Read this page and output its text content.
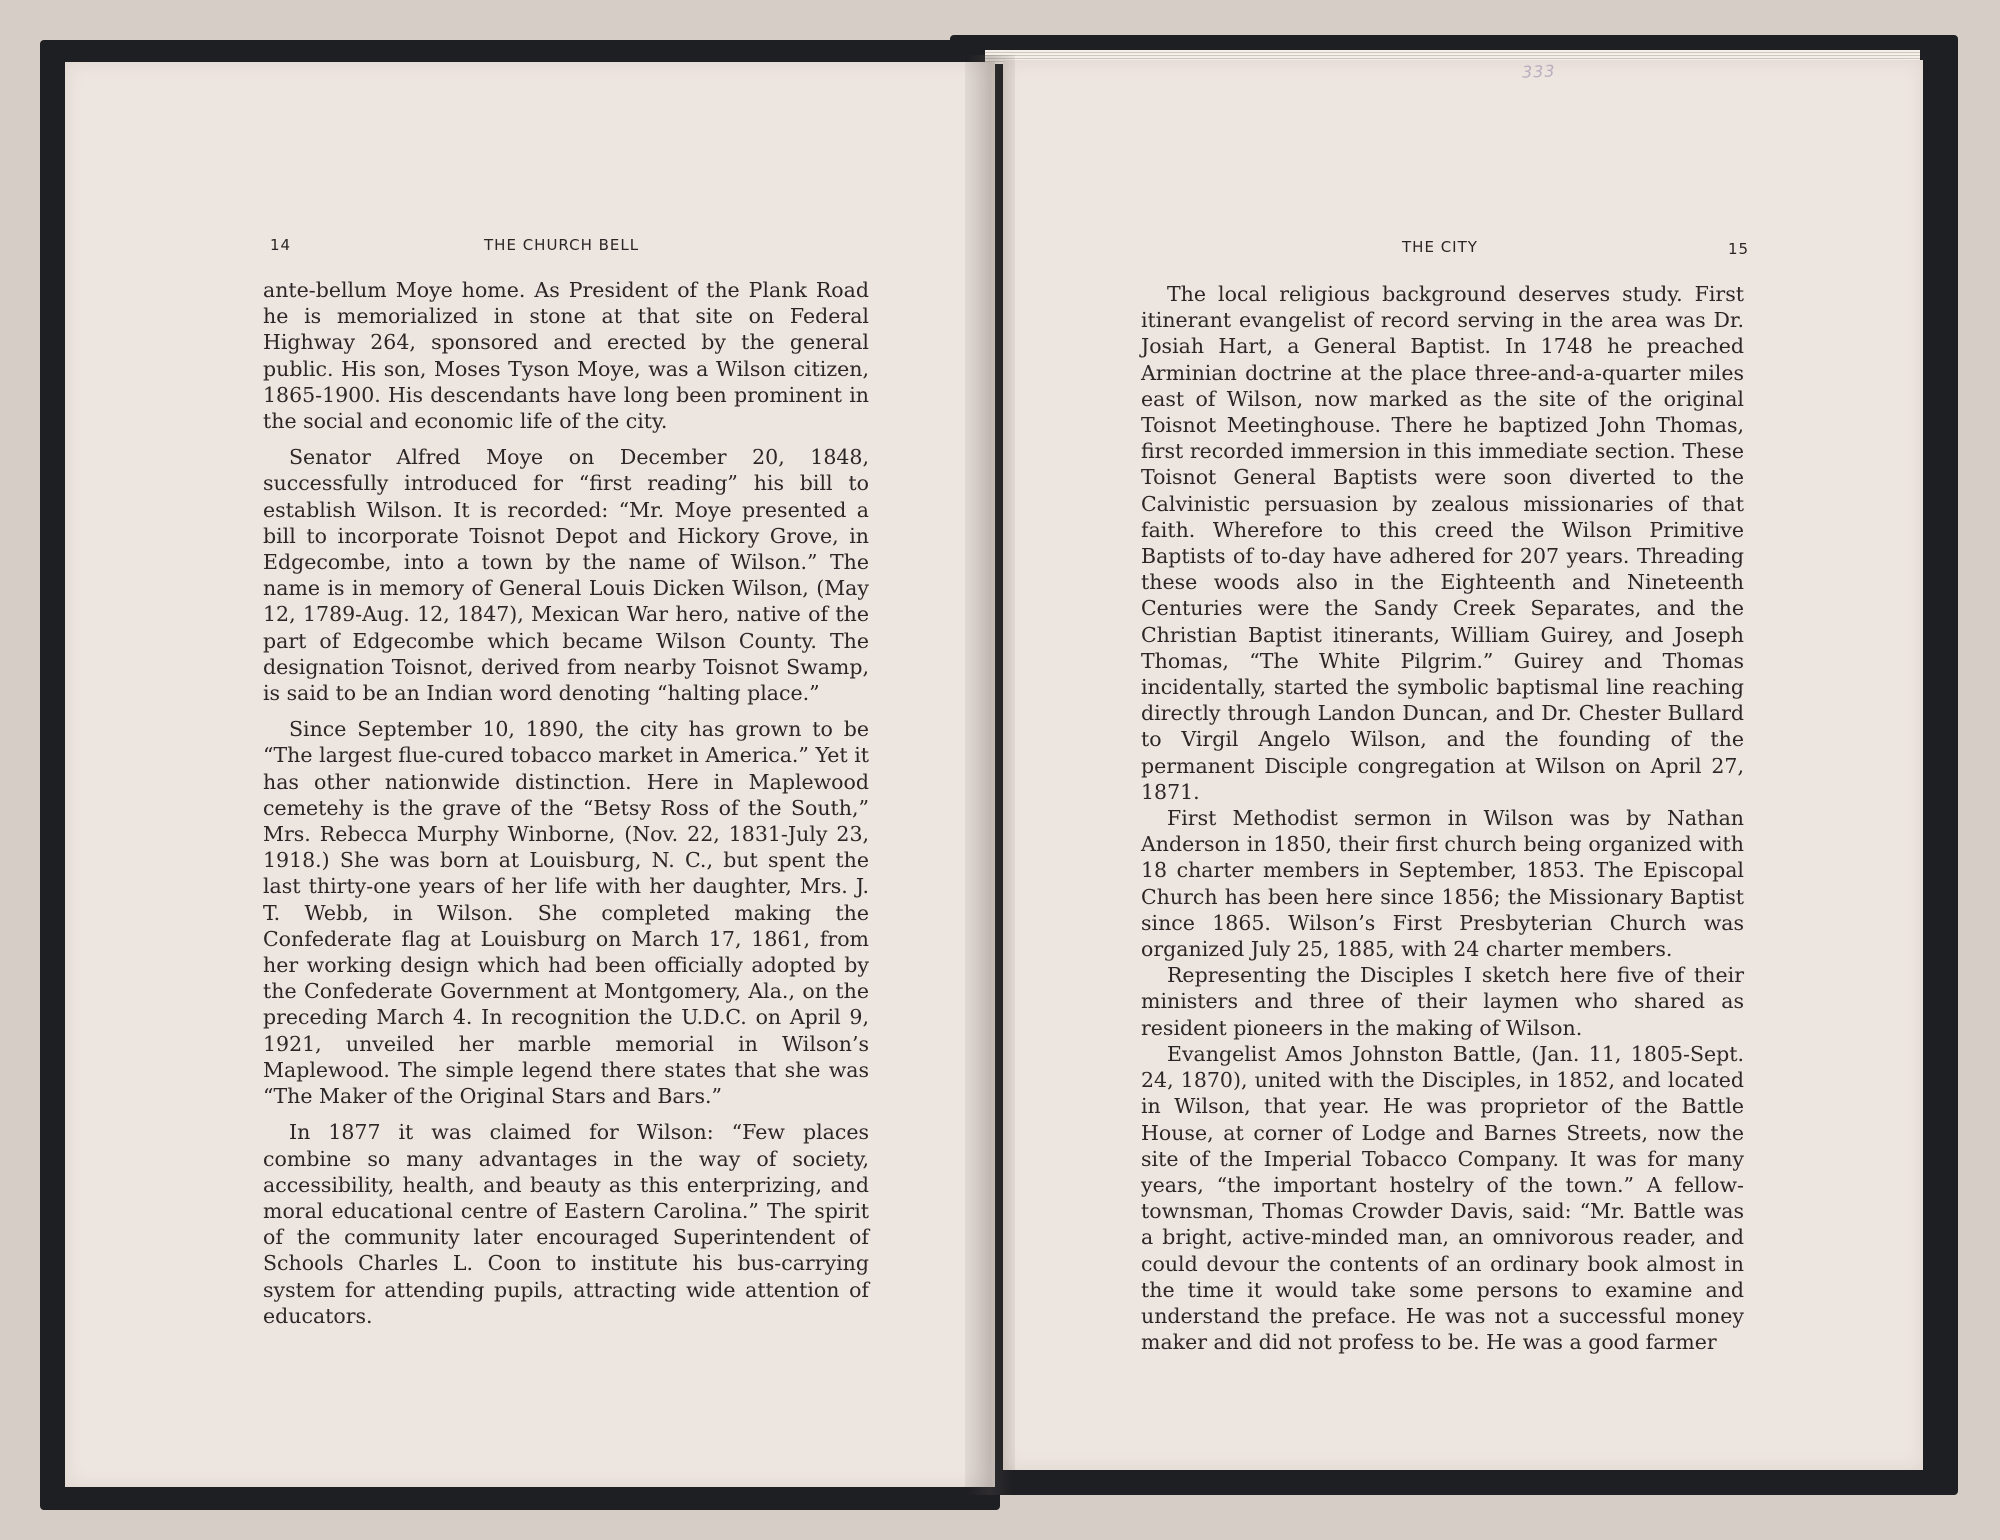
333
14	THE CHURCH BELL

ante-bellum Moye home. As President of the Plank Road he is memorialized in stone at that site on Federal Highway 264, sponsored and erected by the general public. His son, Moses Tyson Moye, was a Wilson citizen, 1865-1900. His descendants have long been prominent in the social and economic life of the city.

Senator Alfred Moye on December 20, 1848, successfully introduced for “first reading” his bill to establish Wilson. It is recorded: “Mr. Moye presented a bill to incorporate Toisnot Depot and Hickory Grove, in Edgecombe, into a town by the name of Wilson.” The name is in memory of General Louis Dicken Wilson, (May 12, 1789-Aug. 12, 1847), Mexican War hero, native of the part of Edgecombe which became Wilson County. The designation Toisnot, derived from nearby Toisnot Swamp, is said to be an Indian word denoting “halting place.”

Since September 10, 1890, the city has grown to be “The largest flue-cured tobacco market in America.” Yet it has other nationwide distinction. Here in Maplewood cemetehy is the grave of the “Betsy Ross of the South,” Mrs. Rebecca Murphy Winborne, (Nov. 22, 1831-July 23, 1918.) She was born at Louisburg, N. C., but spent the last thirty-one years of her life with her daughter, Mrs. J. T. Webb, in Wilson. She completed making the Confederate flag at Louisburg on March 17, 1861, from her working design which had been officially adopted by the Confederate Government at Montgomery, Ala., on the preceding March 4. In recognition the U.D.C. on April 9, 1921, unveiled her marble memorial in Wilson’s Maplewood. The simple legend there states that she was “The Maker of the Original Stars and Bars.”

In 1877 it was claimed for Wilson: “Few places combine so many advantages in the way of society, accessibility, health, and beauty as this enterprizing, and moral educational centre of Eastern Carolina.” The spirit of the community later encouraged Superintendent of Schools Charles L. Coon to institute his bus-carrying system for attending pupils, attracting wide attention of educators.

THE CITY	15

The local religious background deserves study. First itinerant evangelist of record serving in the area was Dr. Josiah Hart, a General Baptist. In 1748 he preached Arminian doctrine at the place three-and-a-quarter miles east of Wilson, now marked as the site of the original Toisnot Meetinghouse. There he baptized John Thomas, first recorded immersion in this immediate section. These Toisnot General Baptists were soon diverted to the Calvinistic persuasion by zealous missionaries of that faith. Wherefore to this creed the Wilson Primitive Baptists of to-day have adhered for 207 years. Threading these woods also in the Eighteenth and Nineteenth Centuries were the Sandy Creek Separates, and the Christian Baptist itinerants, William Guirey, and Joseph Thomas, “The White Pilgrim.” Guirey and Thomas incidentally, started the symbolic baptismal line reaching directly through Landon Duncan, and Dr. Chester Bullard to Virgil Angelo Wilson, and the founding of the permanent Disciple congregation at Wilson on April 27, 1871.

First Methodist sermon in Wilson was by Nathan Anderson in 1850, their first church being organized with 18 charter members in September, 1853. The Episcopal Church has been here since 1856; the Missionary Baptist since 1865. Wilson’s First Presbyterian Church was organized July 25, 1885, with 24 charter members.

Representing the Disciples I sketch here five of their ministers and three of their laymen who shared as resident pioneers in the making of Wilson.

Evangelist Amos Johnston Battle, (Jan. 11, 1805-Sept. 24, 1870), united with the Disciples, in 1852, and located in Wilson, that year. He was proprietor of the Battle House, at corner of Lodge and Barnes Streets, now the site of the Imperial Tobacco Company. It was for many years, “the important hostelry of the town.” A fellow-townsman, Thomas Crowder Davis, said: “Mr. Battle was a bright, active-minded man, an omnivorous reader, and could devour the contents of an ordinary book almost in the time it would take some persons to examine and understand the preface. He was not a successful money maker and did not profess to be. He was a good farmer
